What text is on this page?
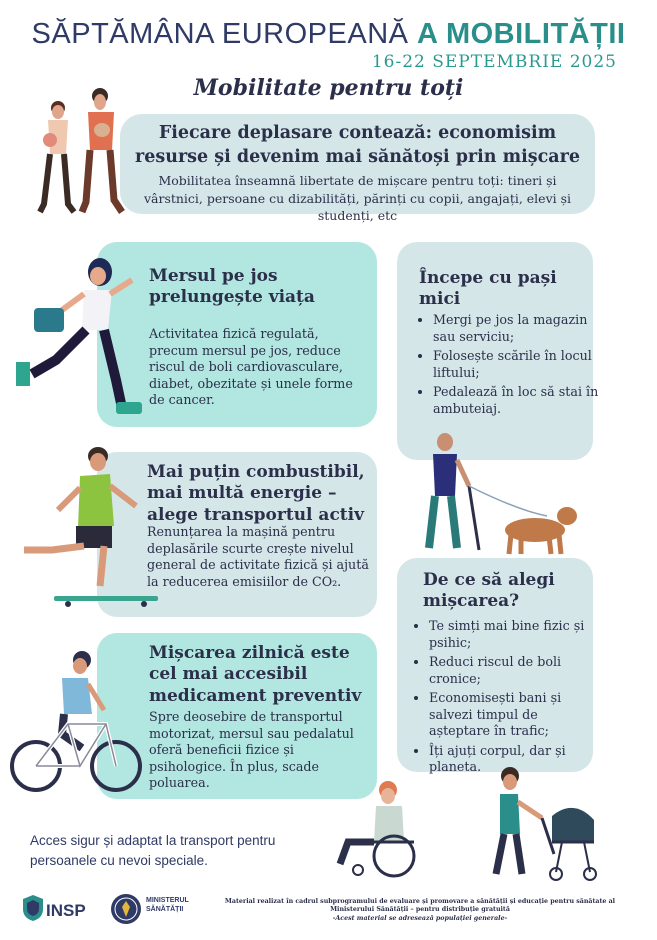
SĂPTĂMÂNA EUROPEANĂ A MOBILITĂȚII
16-22 SEPTEMBRIE 2025
Mobilitate pentru toți
Fiecare deplasare contează: economisim resurse și devenim mai sănătoși prin mișcare

Mobilitatea înseamnă libertate de mișcare pentru toți: tineri și vârstnici, persoane cu dizabilități, părinți cu copii, angajați, elevi și studenți, etc

Mersul pe jos prelungește viața

Activitatea fizică regulată, precum mersul pe jos, reduce riscul de boli cardiovasculare, diabet, obezitate și unele forme de cancer.

Începe cu pași mici
• Mergi pe jos la magazin sau serviciu;
• Folosește scările în locul liftului;
• Pedalează în loc să stai în ambuteiaj.
Mai puțin combustibil, mai multă energie – alege transportul activ

Renunțarea la mașină pentru deplasările scurte crește nivelul general de activitate fizică și ajută la reducerea emisiilor de CO₂.	De ce să alegi mișcarea?
• Te simți mai bine fizic și psihic;
• Reduci riscul de boli cronice;
• Economisești bani și salvezi timpul de așteptare în trafic;
• Îți ajuți corpul, dar și planeta.
Mișcarea zilnică este cel mai accesibil medicament preventiv

Spre deosebire de transportul motorizat, mersul sau pedalatul oferă beneficii fizice și psihologice. În plus, scade poluarea.

Acces sigur și adaptat la transport pentru persoanele cu nevoi speciale.
INSP
MINISTERUL SĂNĂTĂȚII
Material realizat în cadrul subprogramului de evaluare și promovare a sănătății și educație pentru sănătate al Ministerului Sănătății – pentru distribuție gratuită
-Acest material se adresează populației generale-
